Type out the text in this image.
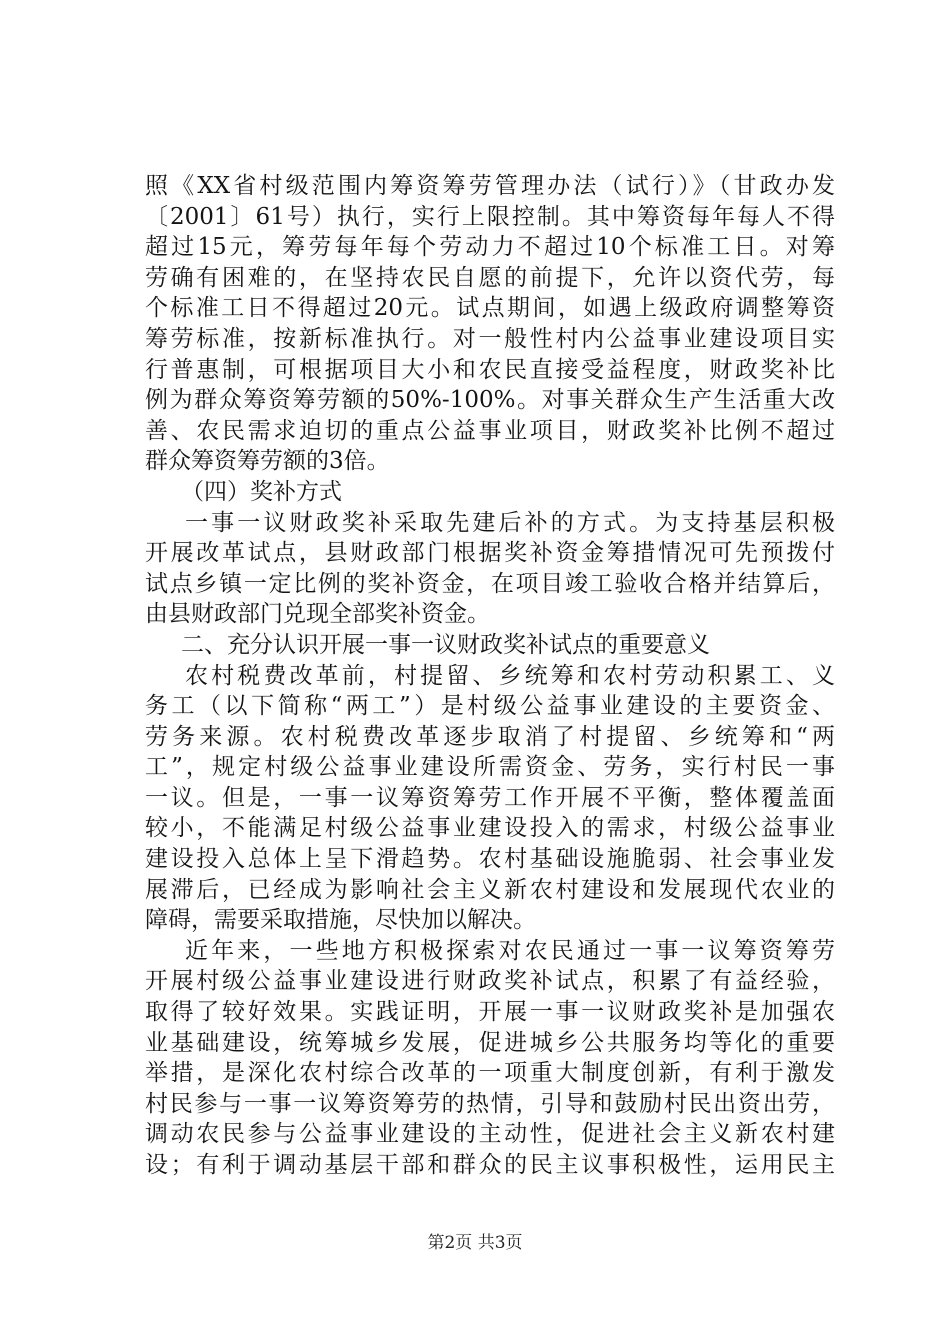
照《XX省村级范围内筹资筹劳管理办法（试行）》（甘政办发
〔2001〕61号）执行，实行上限控制。其中筹资每年每人不得
超过15元，筹劳每年每个劳动力不超过10个标准工日。对筹
劳确有困难的，在坚持农民自愿的前提下，允许以资代劳，每
个标准工日不得超过20元。试点期间，如遇上级政府调整筹资
筹劳标准，按新标准执行。对一般性村内公益事业建设项目实
行普惠制，可根据项目大小和农民直接受益程度，财政奖补比
例为群众筹资筹劳额的50%-100%。对事关群众生产生活重大改
善、农民需求迫切的重点公益事业项目，财政奖补比例不超过
群众筹资筹劳额的3倍。
（四）奖补方式
一事一议财政奖补采取先建后补的方式。为支持基层积极
开展改革试点，县财政部门根据奖补资金筹措情况可先预拨付
试点乡镇一定比例的奖补资金，在项目竣工验收合格并结算后，
由县财政部门兑现全部奖补资金。
二、充分认识开展一事一议财政奖补试点的重要意义
农村税费改革前，村提留、乡统筹和农村劳动积累工、义
务工（以下简称“两工”）是村级公益事业建设的主要资金、
劳务来源。农村税费改革逐步取消了村提留、乡统筹和“两
工”，规定村级公益事业建设所需资金、劳务，实行村民一事
一议。但是，一事一议筹资筹劳工作开展不平衡，整体覆盖面
较小，不能满足村级公益事业建设投入的需求，村级公益事业
建设投入总体上呈下滑趋势。农村基础设施脆弱、社会事业发
展滞后，已经成为影响社会主义新农村建设和发展现代农业的
障碍，需要采取措施，尽快加以解决。
近年来，一些地方积极探索对农民通过一事一议筹资筹劳
开展村级公益事业建设进行财政奖补试点，积累了有益经验，
取得了较好效果。实践证明，开展一事一议财政奖补是加强农
业基础建设，统筹城乡发展，促进城乡公共服务均等化的重要
举措，是深化农村综合改革的一项重大制度创新，有利于激发
村民参与一事一议筹资筹劳的热情，引导和鼓励村民出资出劳，
调动农民参与公益事业建设的主动性，促进社会主义新农村建
设；有利于调动基层干部和群众的民主议事积极性，运用民主
第2页 共3页
